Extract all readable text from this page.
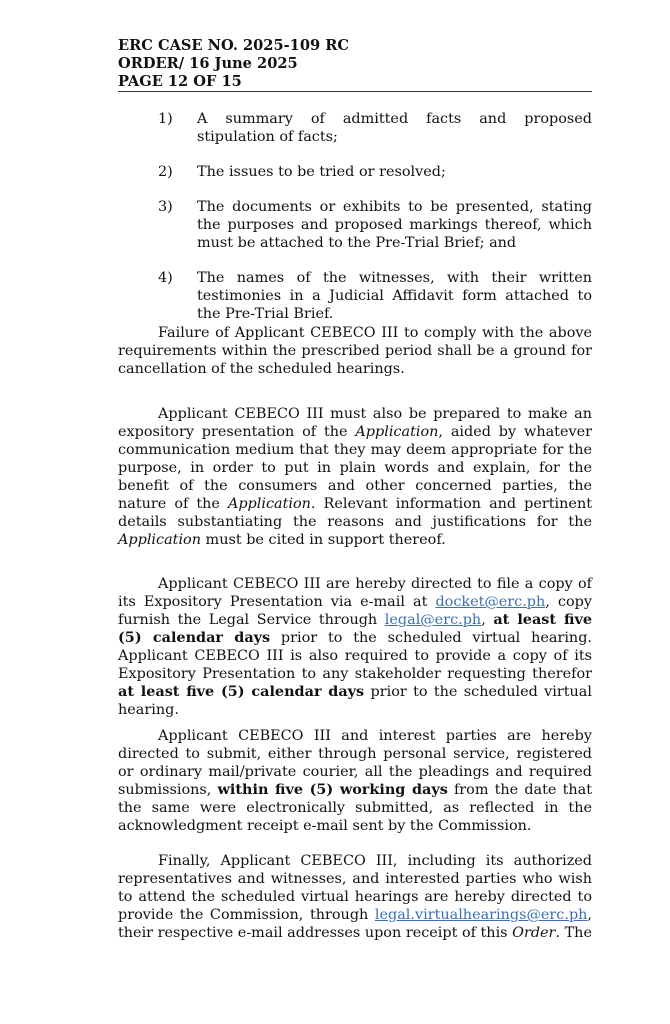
ERC CASE NO. 2025-109 RC
ORDER/ 16 June 2025
PAGE 12 OF 15
1) A summary of admitted facts and proposed stipulation of facts;
2) The issues to be tried or resolved;
3) The documents or exhibits to be presented, stating the purposes and proposed markings thereof, which must be attached to the Pre-Trial Brief; and
4) The names of the witnesses, with their written testimonies in a Judicial Affidavit form attached to the Pre-Trial Brief.

Failure of Applicant CEBECO III to comply with the above requirements within the prescribed period shall be a ground for cancellation of the scheduled hearings.

Applicant CEBECO III must also be prepared to make an expository presentation of the Application, aided by whatever communication medium that they may deem appropriate for the purpose, in order to put in plain words and explain, for the benefit of the consumers and other concerned parties, the nature of the Application. Relevant information and pertinent details substantiating the reasons and justifications for the Application must be cited in support thereof.

Applicant CEBECO III are hereby directed to file a copy of its Expository Presentation via e-mail at docket@erc.ph, copy furnish the Legal Service through legal@erc.ph, at least five (5) calendar days prior to the scheduled virtual hearing. Applicant CEBECO III is also required to provide a copy of its Expository Presentation to any stakeholder requesting therefor at least five (5) calendar days prior to the scheduled virtual hearing.

Applicant CEBECO III and interest parties are hereby directed to submit, either through personal service, registered or ordinary mail/private courier, all the pleadings and required submissions, within five (5) working days from the date that the same were electronically submitted, as reflected in the acknowledgment receipt e-mail sent by the Commission.

Finally, Applicant CEBECO III, including its authorized representatives and witnesses, and interested parties who wish to attend the scheduled virtual hearings are hereby directed to provide the Commission, through legal.virtualhearings@erc.ph, their respective e-mail addresses upon receipt of this Order. The
